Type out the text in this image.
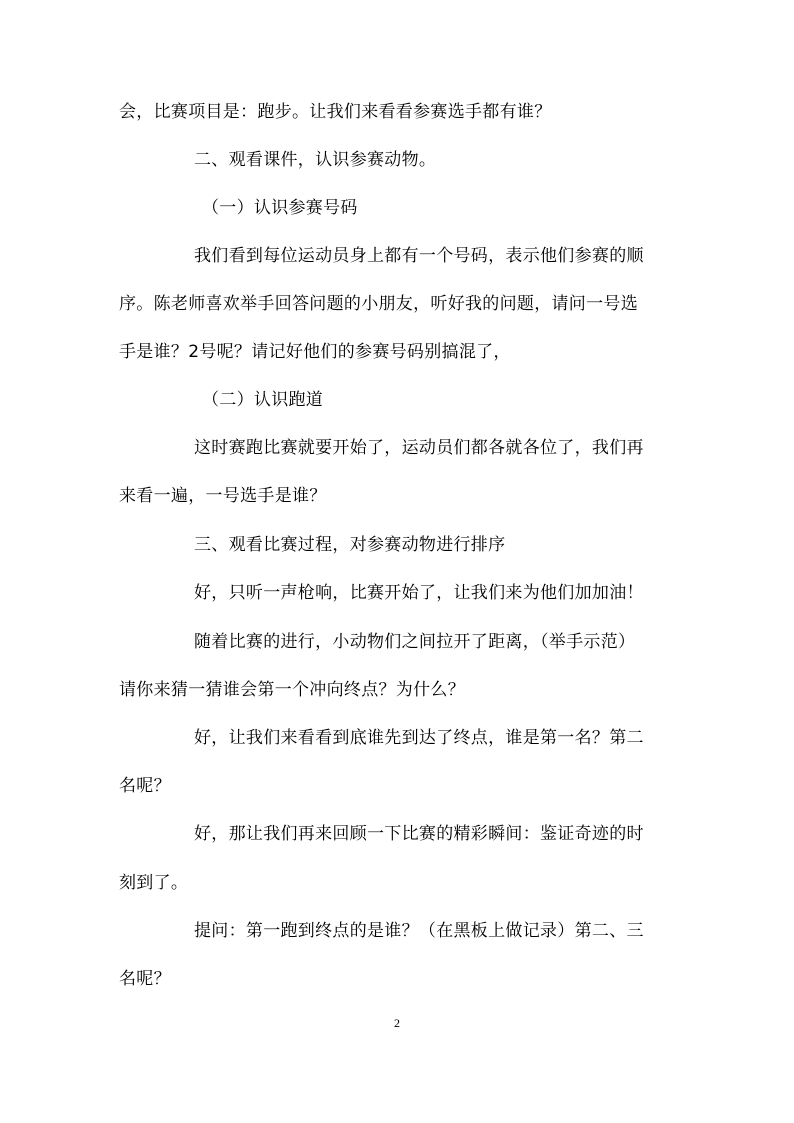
会，比赛项目是：跑步。让我们来看看参赛选手都有谁？
二、观看课件，认识参赛动物。
（一）认识参赛号码
我们看到每位运动员身上都有一个号码，表示他们参赛的顺
序。陈老师喜欢举手回答问题的小朋友，听好我的问题，请问一号选
手是谁？2号呢？请记好他们的参赛号码别搞混了，
（二）认识跑道
这时赛跑比赛就要开始了，运动员们都各就各位了，我们再
来看一遍，一号选手是谁？
三、观看比赛过程，对参赛动物进行排序
好，只听一声枪响，比赛开始了，让我们来为他们加加油！
随着比赛的进行，小动物们之间拉开了距离，（举手示范）
请你来猜一猜谁会第一个冲向终点？为什么？
好，让我们来看看到底谁先到达了终点，谁是第一名？第二
名呢？
好，那让我们再来回顾一下比赛的精彩瞬间：鉴证奇迹的时
刻到了。
提问：第一跑到终点的是谁？（在黑板上做记录）第二、三
名呢？
2
